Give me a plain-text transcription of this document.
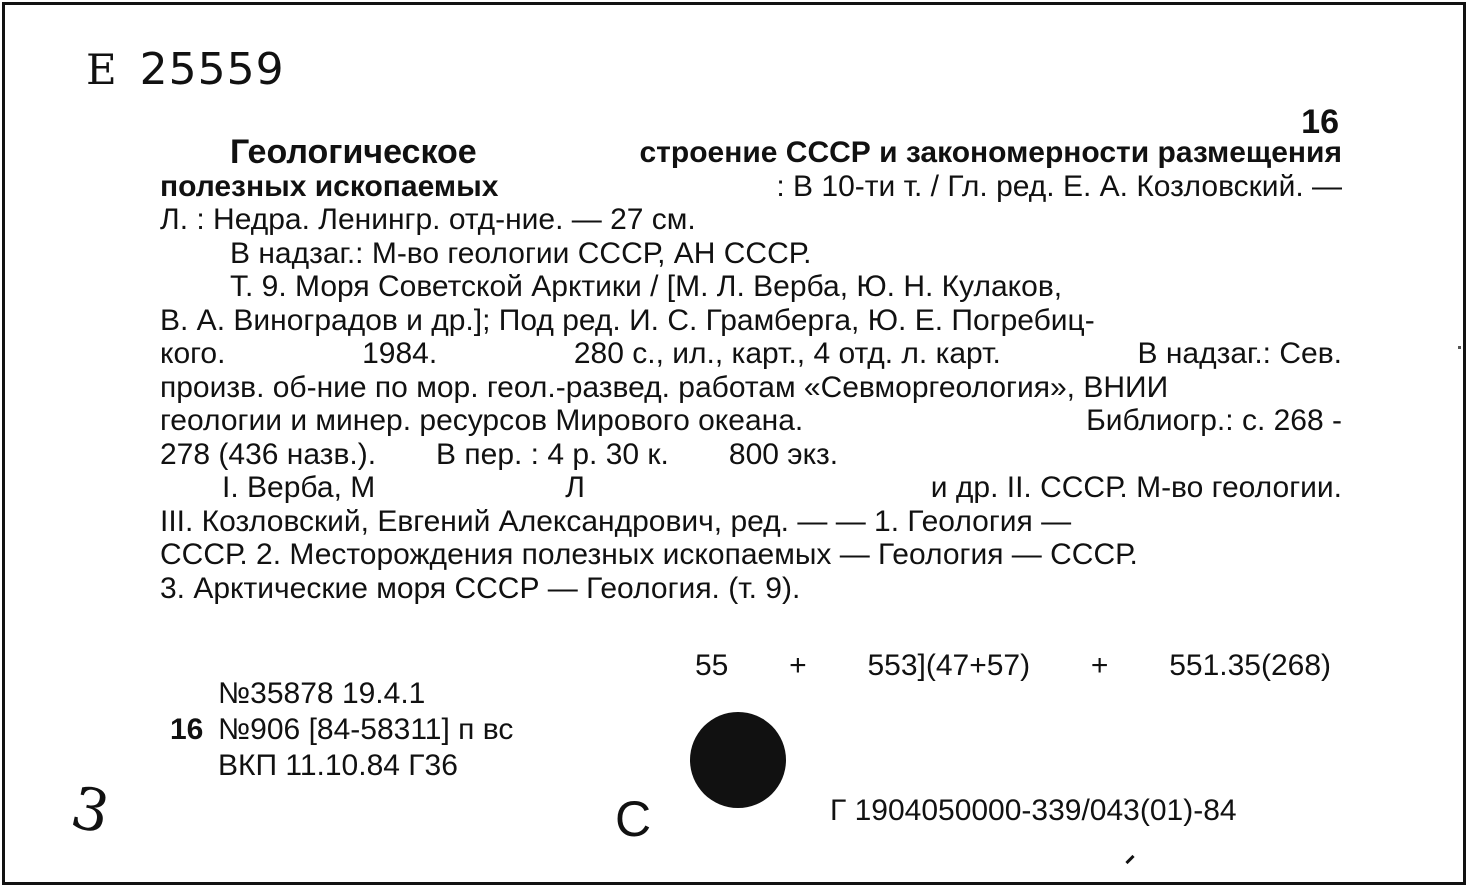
Е 25559
16
Геологическое	строение СССР и закономерности размещения
полезных ископаемых	: В 10-ти т. / Гл. ред. Е. А. Козловский. —
Л. : Недра. Ленингр. отд-ние. — 27 см.
В надзаг.: М-во геологии СССР, АН СССР.
Т. 9. Моря Советской Арктики / [М. Л. Верба, Ю. Н. Кулаков,
В. А. Виноградов и др.]; Под ред. И. С. Грамберга, Ю. Е. Погребиц-
кого.	1984.	280 с., ил., карт., 4 отд. л. карт.	В надзаг.: Сев.
произв. об-ние по мор. геол.-развед. работам «Севморгеология», ВНИИ
геологии и минер. ресурсов Мирового океана.	Библиогр.: с. 268 -
278 (436 назв.). В пер. : 4 р. 30 к. 800 экз.
I. Верба, М	Л	и др. II. СССР. М-во геологии.
III. Козловский, Евгений Александрович, ред. — — 1. Геология —
СССР. 2. Месторождения полезных ископаемых — Геология — СССР.
3. Арктические моря СССР — Геология. (т. 9).
55 + 553](47+57) + 551.35(268)
№35878 19.4.1
16 №906 [84-58311] п вс
ВКП 11.10.84 Г36
С	Г 1904050000-339/043(01)-84
3
